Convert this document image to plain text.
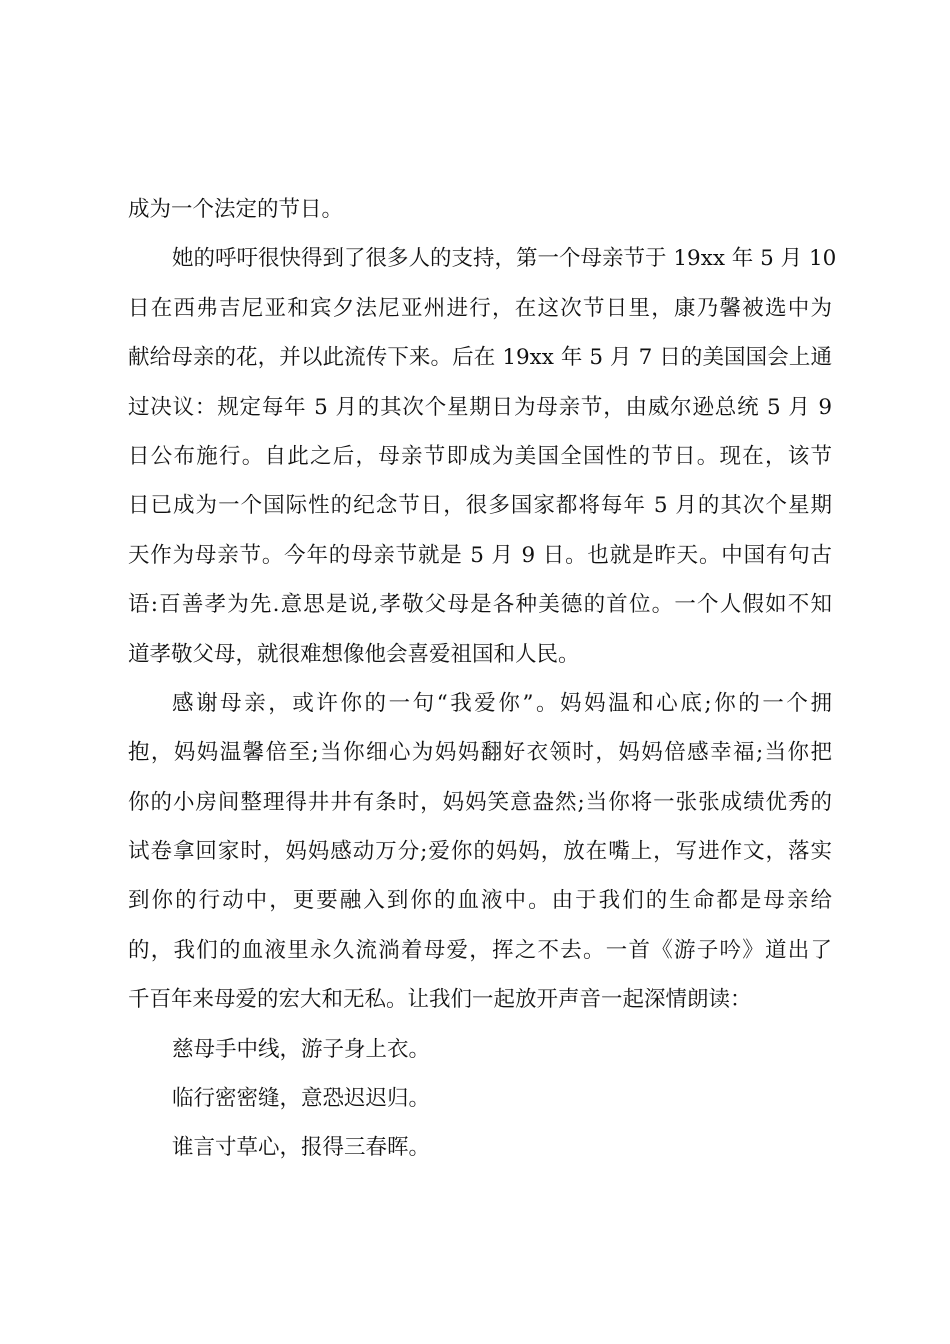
成为一个法定的节日。
她的呼吁很快得到了很多人的支持，第一个母亲节于 19xx 年 5 月 10
日在西弗吉尼亚和宾夕法尼亚州进行，在这次节日里，康乃馨被选中为
献给母亲的花，并以此流传下来。后在 19xx 年 5 月 7 日的美国国会上通
过决议：规定每年 5 月的其次个星期日为母亲节，由威尔逊总统 5 月 9
日公布施行。自此之后，母亲节即成为美国全国性的节日。现在，该节
日已成为一个国际性的纪念节日，很多国家都将每年 5 月的其次个星期
天作为母亲节。今年的母亲节就是 5 月 9 日。也就是昨天。中国有句古
语:百善孝为先.意思是说,孝敬父母是各种美德的首位。一个人假如不知
道孝敬父母，就很难想像他会喜爱祖国和人民。
感谢母亲，或许你的一句“我爱你”。妈妈温和心底;你的一个拥
抱，妈妈温馨倍至;当你细心为妈妈翻好衣领时，妈妈倍感幸福;当你把
你的小房间整理得井井有条时，妈妈笑意盎然;当你将一张张成绩优秀的
试卷拿回家时，妈妈感动万分;爱你的妈妈，放在嘴上，写进作文，落实
到你的行动中，更要融入到你的血液中。由于我们的生命都是母亲给
的，我们的血液里永久流淌着母爱，挥之不去。一首《游子吟》道出了
千百年来母爱的宏大和无私。让我们一起放开声音一起深情朗读：
慈母手中线，游子身上衣。
临行密密缝，意恐迟迟归。
谁言寸草心，报得三春晖。
